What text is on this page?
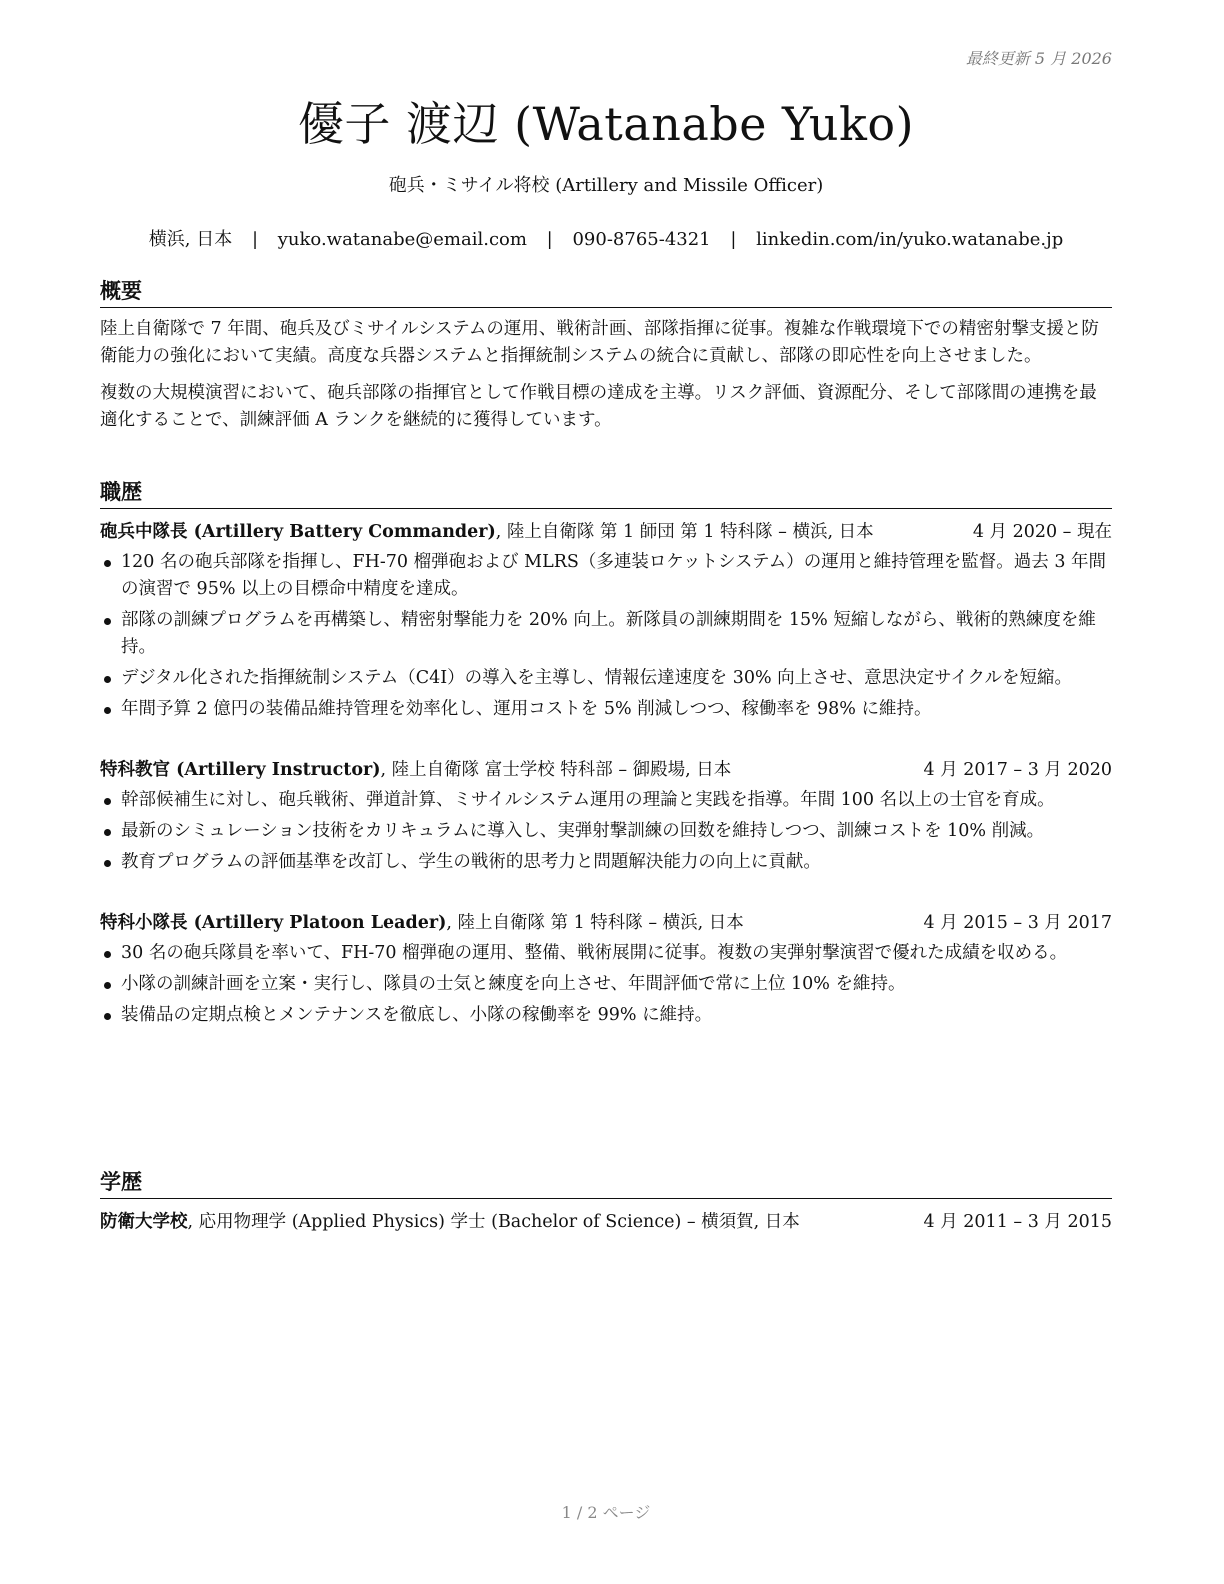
最終更新 5 月 2026
優子 渡辺 (Watanabe Yuko)
砲兵・ミサイル将校 (Artillery and Missile Officer)
横浜, 日本 | yuko.watanabe@email.com | 090-8765-4321 | linkedin.com/in/yuko.watanabe.jp
概要

陸上自衛隊で 7 年間、砲兵及びミサイルシステムの運用、戦術計画、部隊指揮に従事。複雑な作戦環境下での精密射撃支援と防衛能力の強化において実績。高度な兵器システムと指揮統制システムの統合に貢献し、部隊の即応性を向上させました。

複数の大規模演習において、砲兵部隊の指揮官として作戦目標の達成を主導。リスク評価、資源配分、そして部隊間の連携を最適化することで、訓練評価 A ランクを継続的に獲得しています。

職歴
砲兵中隊長 (Artillery Battery Commander), 陸上自衛隊 第 1 師団 第 1 特科隊 – 横浜, 日本	4 月 2020 – 現在
120 名の砲兵部隊を指揮し、FH-70 榴弾砲および MLRS（多連装ロケットシステム）の運用と維持管理を監督。過去 3 年間の演習で 95% 以上の目標命中精度を達成。
部隊の訓練プログラムを再構築し、精密射撃能力を 20% 向上。新隊員の訓練期間を 15% 短縮しながら、戦術的熟練度を維持。
デジタル化された指揮統制システム（C4I）の導入を主導し、情報伝達速度を 30% 向上させ、意思決定サイクルを短縮。
年間予算 2 億円の装備品維持管理を効率化し、運用コストを 5% 削減しつつ、稼働率を 98% に維持。
特科教官 (Artillery Instructor), 陸上自衛隊 富士学校 特科部 – 御殿場, 日本	4 月 2017 – 3 月 2020
幹部候補生に対し、砲兵戦術、弾道計算、ミサイルシステム運用の理論と実践を指導。年間 100 名以上の士官を育成。
最新のシミュレーション技術をカリキュラムに導入し、実弾射撃訓練の回数を維持しつつ、訓練コストを 10% 削減。
教育プログラムの評価基準を改訂し、学生の戦術的思考力と問題解決能力の向上に貢献。
特科小隊長 (Artillery Platoon Leader), 陸上自衛隊 第 1 特科隊 – 横浜, 日本	4 月 2015 – 3 月 2017
30 名の砲兵隊員を率いて、FH-70 榴弾砲の運用、整備、戦術展開に従事。複数の実弾射撃演習で優れた成績を収める。
小隊の訓練計画を立案・実行し、隊員の士気と練度を向上させ、年間評価で常に上位 10% を維持。
装備品の定期点検とメンテナンスを徹底し、小隊の稼働率を 99% に維持。
学歴
防衛大学校, 応用物理学 (Applied Physics) 学士 (Bachelor of Science) – 横須賀, 日本	4 月 2011 – 3 月 2015
1 / 2 ページ
